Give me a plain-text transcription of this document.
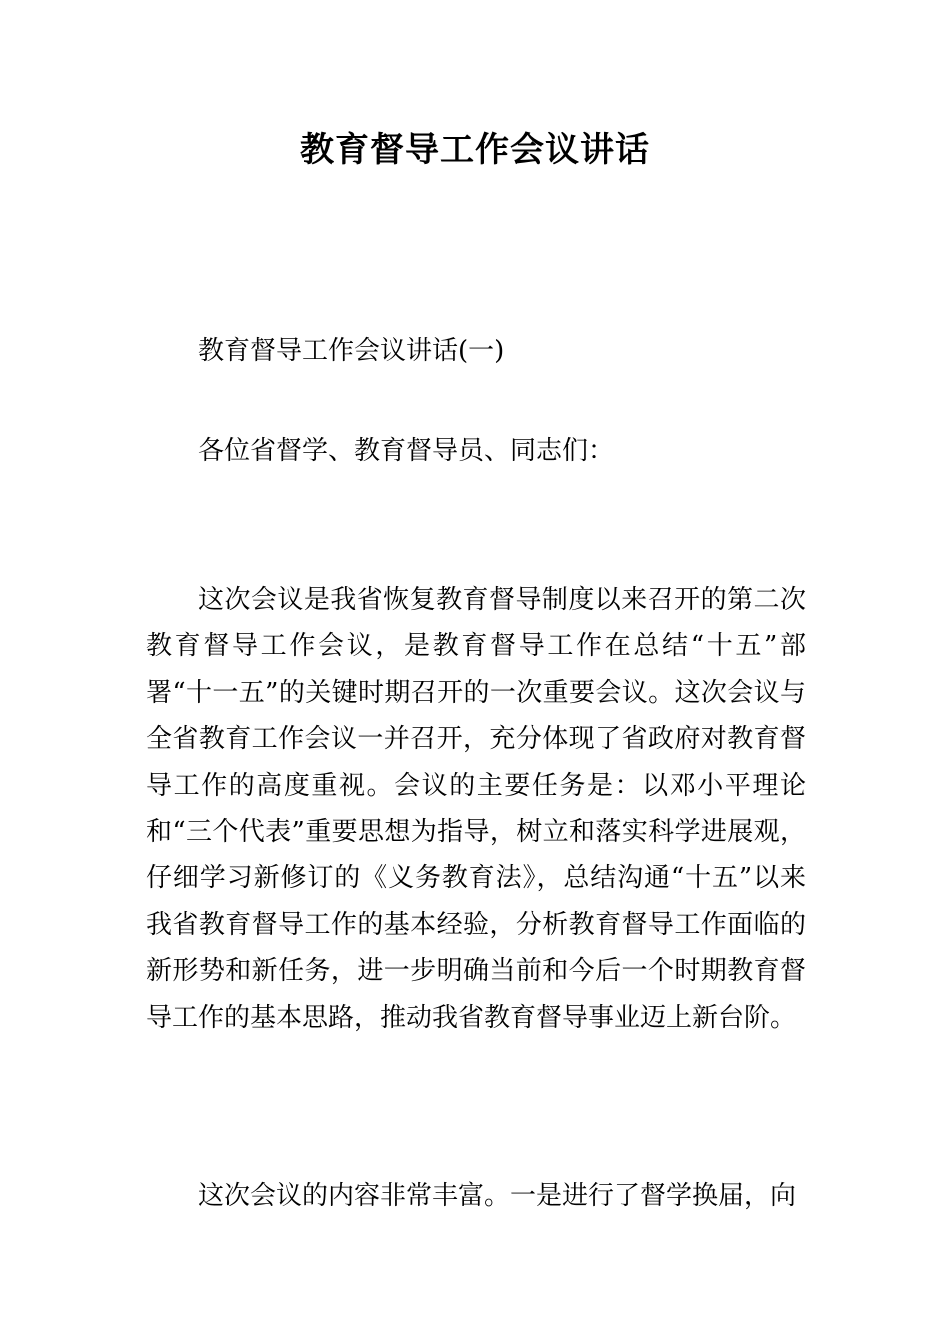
教育督导工作会议讲话
教育督导工作会议讲话(一)
各位省督学、教育督导员、同志们：

这次会议是我省恢复教育督导制度以来召开的第二次教育督导工作会议，是教育督导工作在总结“十五”部署“十一五”的关键时期召开的一次重要会议。这次会议与全省教育工作会议一并召开，充分体现了省政府对教育督导工作的高度重视。会议的主要任务是：以邓小平理论和“三个代表”重要思想为指导，树立和落实科学进展观，仔细学习新修订的《义务教育法》，总结沟通“十五”以来我省教育督导工作的基本经验，分析教育督导工作面临的新形势和新任务，进一步明确当前和今后一个时期教育督导工作的基本思路，推动我省教育督导事业迈上新台阶。

这次会议的内容非常丰富。一是进行了督学换届，向
